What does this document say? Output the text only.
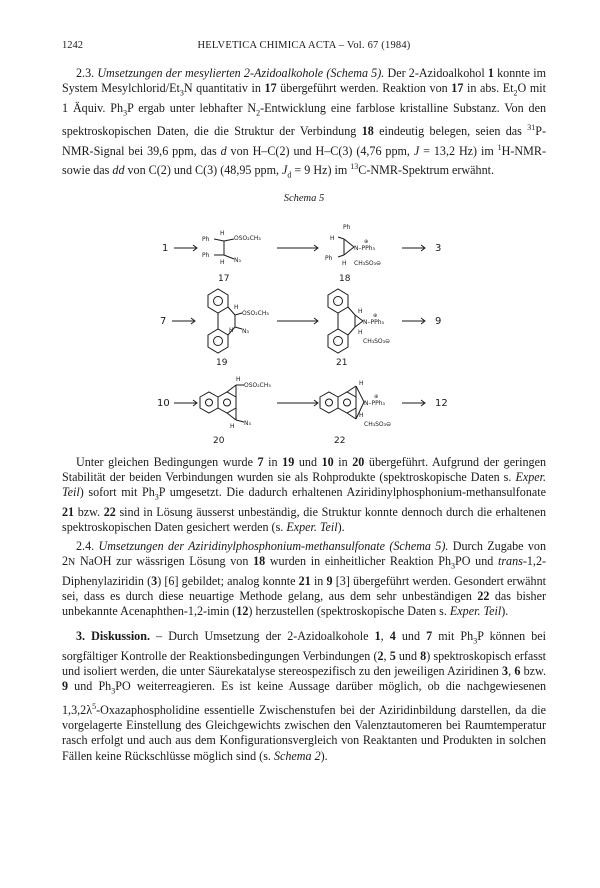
1242	HELVETICA CHIMICA ACTA – Vol. 67 (1984)

2.3. Umsetzungen der mesylierten 2-Azidoalkohole (Schema 5). Der 2-Azidoalkohol 1 konnte im System Mesylchlorid/$Et_3N$ quantitativ in 17 übergeführt werden. Reaktion von 17 in abs. $Et_2O$ mit 1 Äquiv. $Ph_3P$ ergab unter lebhafter $N_2$-Entwicklung eine farblose kristalline Substanz. Von den spektroskopischen Daten, die die Struktur der Verbindung 18 eindeutig belegen, seien das $^{31}$P-NMR-Signal bei 39,6 ppm, das d von H–C(2) und H–C(3) (4,76 ppm, J = 13,2 Hz) im $^1$H-NMR- sowie das dd von C(2) und C(3) (48,95 ppm, $J_d = 9$ Hz) im $^{13}$C-NMR-Spektrum erwähnt.

Schema 5
1
Ph
H
OSO₂CH₃
Ph
H N₃
17
Ph
H
N–PPh₃
⊕
Ph
H CH₃SO₃⊖
18
3
7
H
OSO₂CH₃
H N₃
19
H
N–PPh₃
⊕
H
CH₃SO₃⊖
21
9
10
H
OSO₂CH₃
H N₃
20
H
N–PPh₃
⊕
H
CH₃SO₃⊖
22
12

Unter gleichen Bedingungen wurde 7 in 19 und 10 in 20 übergeführt. Aufgrund der geringen Stabilität der beiden Verbindungen wurden sie als Rohprodukte (spektroskopische Daten s. Exper. Teil) sofort mit $Ph_3P$ umgesetzt. Die dadurch erhaltenen Aziridinylphosphonium-methansulfonate 21 bzw. 22 sind in Lösung äusserst unbeständig, die Struktur konnte dennoch durch die erhaltenen spektroskopischen Daten gesichert werden (s. Exper. Teil).

2.4. Umsetzungen der Aziridinylphosphonium-methansulfonate (Schema 5). Durch Zugabe von 2N NaOH zur wässrigen Lösung von 18 wurden in einheitlicher Reaktion $Ph_3PO$ und trans-1,2-Diphenylaziridin (3) [6] gebildet; analog konnte 21 in 9 [3] übergeführt werden. Gesondert erwähnt sei, dass es durch diese neuartige Methode gelang, aus dem sehr unbeständigen 22 das bisher unbekannte Acenaphthen-1,2-imin (12) herzustellen (spektroskopische Daten s. Exper. Teil).

3. Diskussion. – Durch Umsetzung der 2-Azidoalkohole 1, 4 und 7 mit $Ph_3P$ können bei sorgfältiger Kontrolle der Reaktionsbedingungen Verbindungen (2, 5 und 8) spektroskopisch erfasst und isoliert werden, die unter Säurekatalyse stereospezifisch zu den jeweiligen Aziridinen 3, 6 bzw. 9 und $Ph_3PO$ weiterreagieren. Es ist keine Aussage darüber möglich, ob die nachgewiesenen $1,3,2\lambda^5$-Oxazaphospholidine essentielle Zwischenstufen bei der Aziridinbildung darstellen, da die vorgelagerte Einstellung des Gleichgewichts zwischen den Valenztautomeren bei Raumtemperatur rasch erfolgt und auch aus dem Konfigurationsvergleich von Reaktanten und Produkten in solchen Fällen keine Rückschlüsse möglich sind (s. Schema 2).
